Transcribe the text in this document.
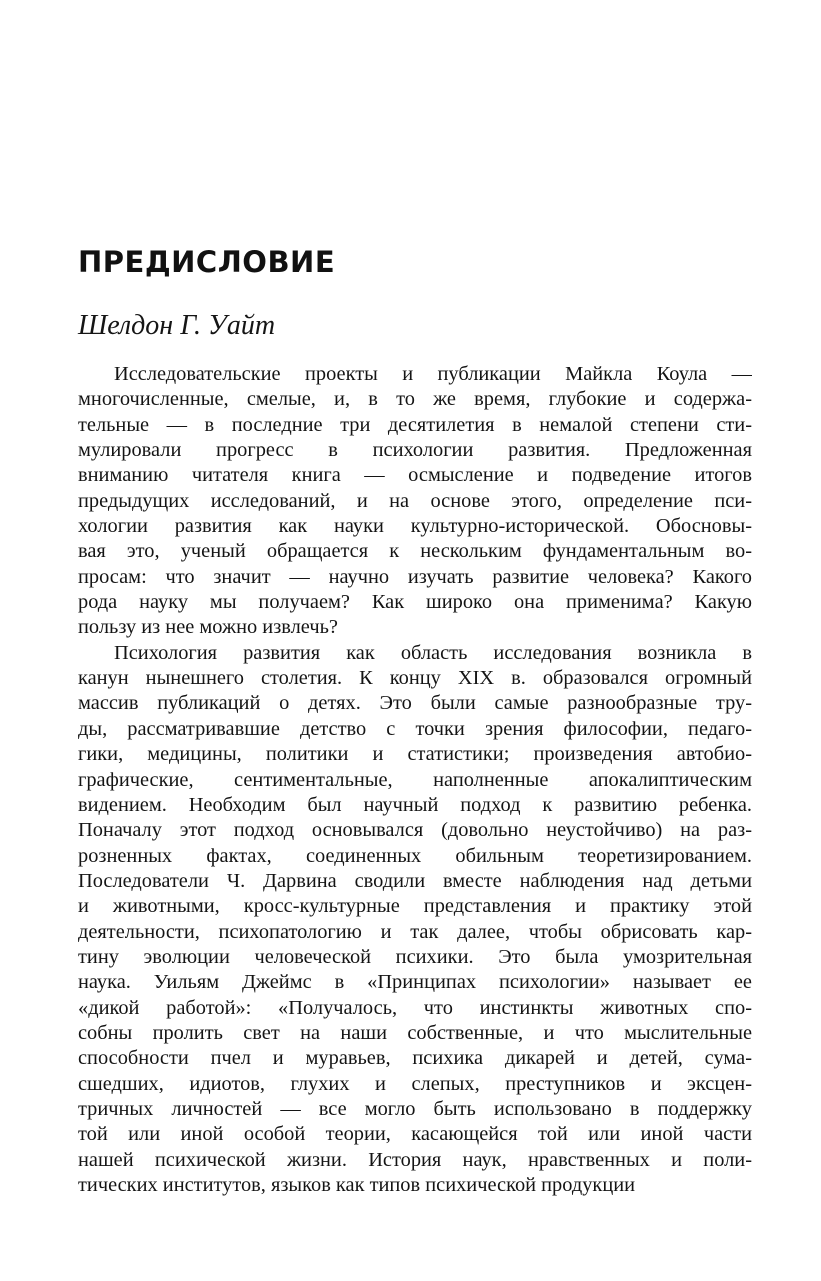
ПРЕДИСЛОВИЕ
Шелдон Г. Уайт
Исследовательские проекты и публикации Майкла Коула —
многочисленные, смелые, и, в то же время, глубокие и содержа-
тельные — в последние три десятилетия в немалой степени сти-
мулировали прогресс в психологии развития. Предложенная
вниманию читателя книга — осмысление и подведение итогов
предыдущих исследований, и на основе этого, определение пси-
хологии развития как науки культурно-исторической. Обосновы-
вая это, ученый обращается к нескольким фундаментальным во-
просам: что значит — научно изучать развитие человека? Какого
рода науку мы получаем? Как широко она применима? Какую
пользу из нее можно извлечь?
Психология развития как область исследования возникла в
канун нынешнего столетия. К концу XIX в. образовался огромный
массив публикаций о детях. Это были самые разнообразные тру-
ды, рассматривавшие детство с точки зрения философии, педаго-
гики, медицины, политики и статистики; произведения автобио-
графические, сентиментальные, наполненные апокалиптическим
видением. Необходим был научный подход к развитию ребенка.
Поначалу этот подход основывался (довольно неустойчиво) на раз-
розненных фактах, соединенных обильным теоретизированием.
Последователи Ч. Дарвина сводили вместе наблюдения над детьми
и животными, кросс-культурные представления и практику этой
деятельности, психопатологию и так далее, чтобы обрисовать кар-
тину эволюции человеческой психики. Это была умозрительная
наука. Уильям Джеймс в «Принципах психологии» называет ее
«дикой работой»: «Получалось, что инстинкты животных спо-
собны пролить свет на наши собственные, и что мыслительные
способности пчел и муравьев, психика дикарей и детей, сума-
сшедших, идиотов, глухих и слепых, преступников и эксцен-
тричных личностей — все могло быть использовано в поддержку
той или иной особой теории, касающейся той или иной части
нашей психической жизни. История наук, нравственных и поли-
тических институтов, языков как типов психической продукции
